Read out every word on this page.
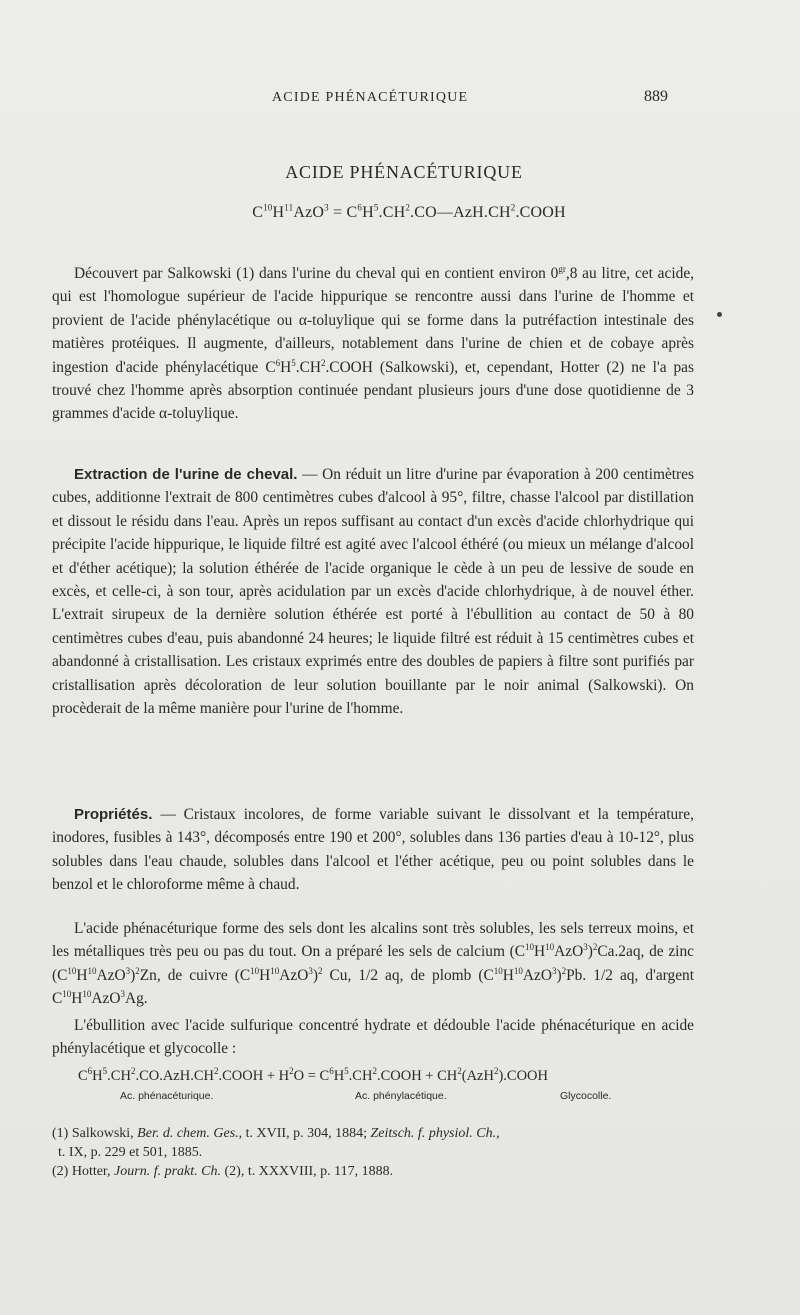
ACIDE PHÉNACÉTURIQUE	889
ACIDE PHÉNACÉTURIQUE
$C^{10}H^{11}AzO^3$ = $C^6H^5.CH^2.CO—AzH.CH^2.COOH$

Découvert par Salkowski (1) dans l'urine du cheval qui en contient environ $0^{gr},8$ au litre, cet acide, qui est l'homologue supérieur de l'acide hippurique se rencontre aussi dans l'urine de l'homme et provient de l'acide phénylacétique ou α-toluylique qui se forme dans la putréfaction intestinale des matières protéiques. Il augmente, d'ailleurs, notablement dans l'urine de chien et de cobaye après ingestion d'acide phénylacétique $C^6H^5.CH^2.COOH$ (Salkowski), et, cependant, Hotter (2) ne l'a pas trouvé chez l'homme après absorption continuée pendant plusieurs jours d'une dose quotidienne de 3 grammes d'acide α-toluylique.

Extraction de l'urine de cheval. — On réduit un litre d'urine par évaporation à 200 centimètres cubes, additionne l'extrait de 800 centimètres cubes d'alcool à 95°, filtre, chasse l'alcool par distillation et dissout le résidu dans l'eau. Après un repos suffisant au contact d'un excès d'acide chlorhydrique qui précipite l'acide hippurique, le liquide filtré est agité avec l'alcool éthéré (ou mieux un mélange d'alcool et d'éther acétique); la solution éthérée de l'acide organique le cède à un peu de lessive de soude en excès, et celle-ci, à son tour, après acidulation par un excès d'acide chlorhydrique, à de nouvel éther. L'extrait sirupeux de la dernière solution éthérée est porté à l'ébullition au contact de 50 à 80 centimètres cubes d'eau, puis abandonné 24 heures; le liquide filtré est réduit à 15 centimètres cubes et abandonné à cristallisation. Les cristaux exprimés entre des doubles de papiers à filtre sont purifiés par cristallisation après décoloration de leur solution bouillante par le noir animal (Salkowski). On procèderait de la même manière pour l'urine de l'homme.

Propriétés. — Cristaux incolores, de forme variable suivant le dissolvant et la température, inodores, fusibles à 143°, décomposés entre 190 et 200°, solubles dans 136 parties d'eau à 10-12°, plus solubles dans l'eau chaude, solubles dans l'alcool et l'éther acétique, peu ou point solubles dans le benzol et le chloroforme même à chaud.

L'acide phénacéturique forme des sels dont les alcalins sont très solubles, les sels terreux moins, et les métalliques très peu ou pas du tout. On a préparé les sels de calcium $(C^{10}H^{10}AzO^3)^2Ca.2aq$, de zinc $(C^{10}H^{10}AzO^3)^2Zn$, de cuivre $(C^{10}H^{10}AzO^3)^2$ Cu, 1/2 aq, de plomb $(C^{10}H^{10}AzO^3)^2Pb$. 1/2 aq, d'argent $C^{10}H^{10}AzO^3Ag$.

L'ébullition avec l'acide sulfurique concentré hydrate et dédouble l'acide phénacéturique en acide phénylacétique et glycocolle :

$C^6H^5.CH^2.CO.AzH.CH^2.COOH + H^2O$ = $C^6H^5.CH^2.COOH$ + $CH^2(AzH^2).COOH$
Ac. phénacéturique.	Ac. phénylacétique.	Glycocolle.
(1) Salkowski, Ber. d. chem. Ges., t. XVII, p. 304, 1884; Zeitsch. f. physiol. Ch.,
t. IX, p. 229 et 501, 1885.
(2) Hotter, Journ. f. prakt. Ch. (2), t. XXXVIII, p. 117, 1888.
